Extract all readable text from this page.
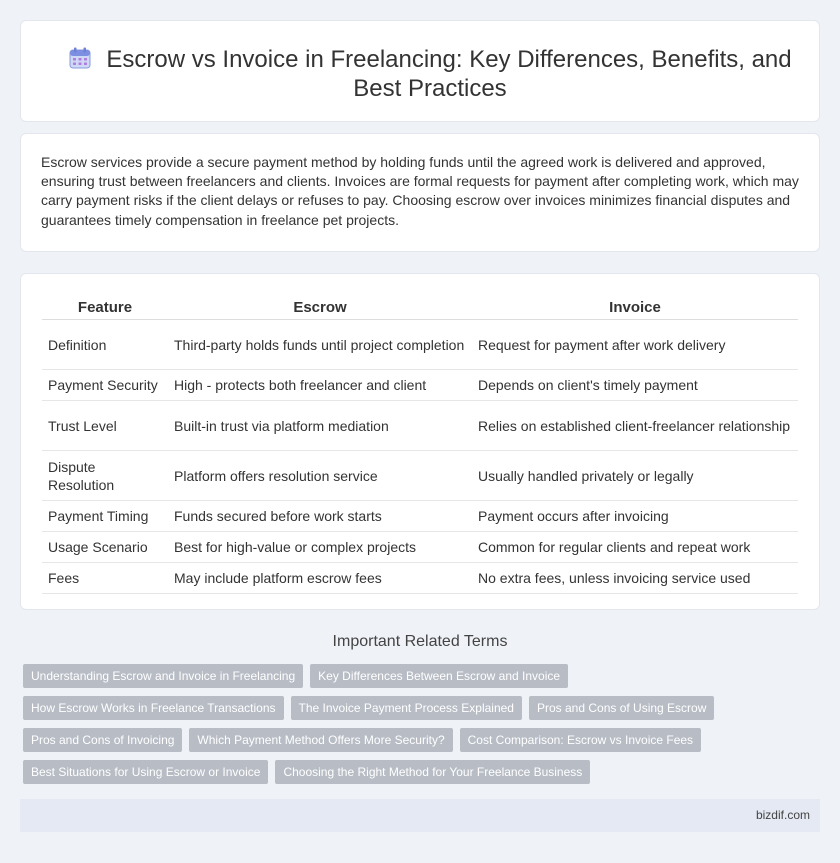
Escrow vs Invoice in Freelancing: Key Differences, Benefits, and Best Practices

Escrow services provide a secure payment method by holding funds until the agreed work is delivered and approved, ensuring trust between freelancers and clients. Invoices are formal requests for payment after completing work, which may carry payment risks if the client delays or refuses to pay. Choosing escrow over invoices minimizes financial disputes and guarantees timely compensation in freelance pet projects.

Feature	Escrow	Invoice
Definition	Third-party holds funds until project completion	Request for payment after work delivery
Payment Security	High - protects both freelancer and client	Depends on client's timely payment
Trust Level	Built-in trust via platform mediation	Relies on established client-freelancer relationship
Dispute Resolution	Platform offers resolution service	Usually handled privately or legally
Payment Timing	Funds secured before work starts	Payment occurs after invoicing
Usage Scenario	Best for high-value or complex projects	Common for regular clients and repeat work
Fees	May include platform escrow fees	No extra fees, unless invoicing service used
Important Related Terms
Understanding Escrow and Invoice in Freelancing Key Differences Between Escrow and Invoice
How Escrow Works in Freelance Transactions The Invoice Payment Process Explained Pros and Cons of Using Escrow
Pros and Cons of Invoicing Which Payment Method Offers More Security? Cost Comparison: Escrow vs Invoice Fees
Best Situations for Using Escrow or Invoice Choosing the Right Method for Your Freelance Business
bizdif.com
